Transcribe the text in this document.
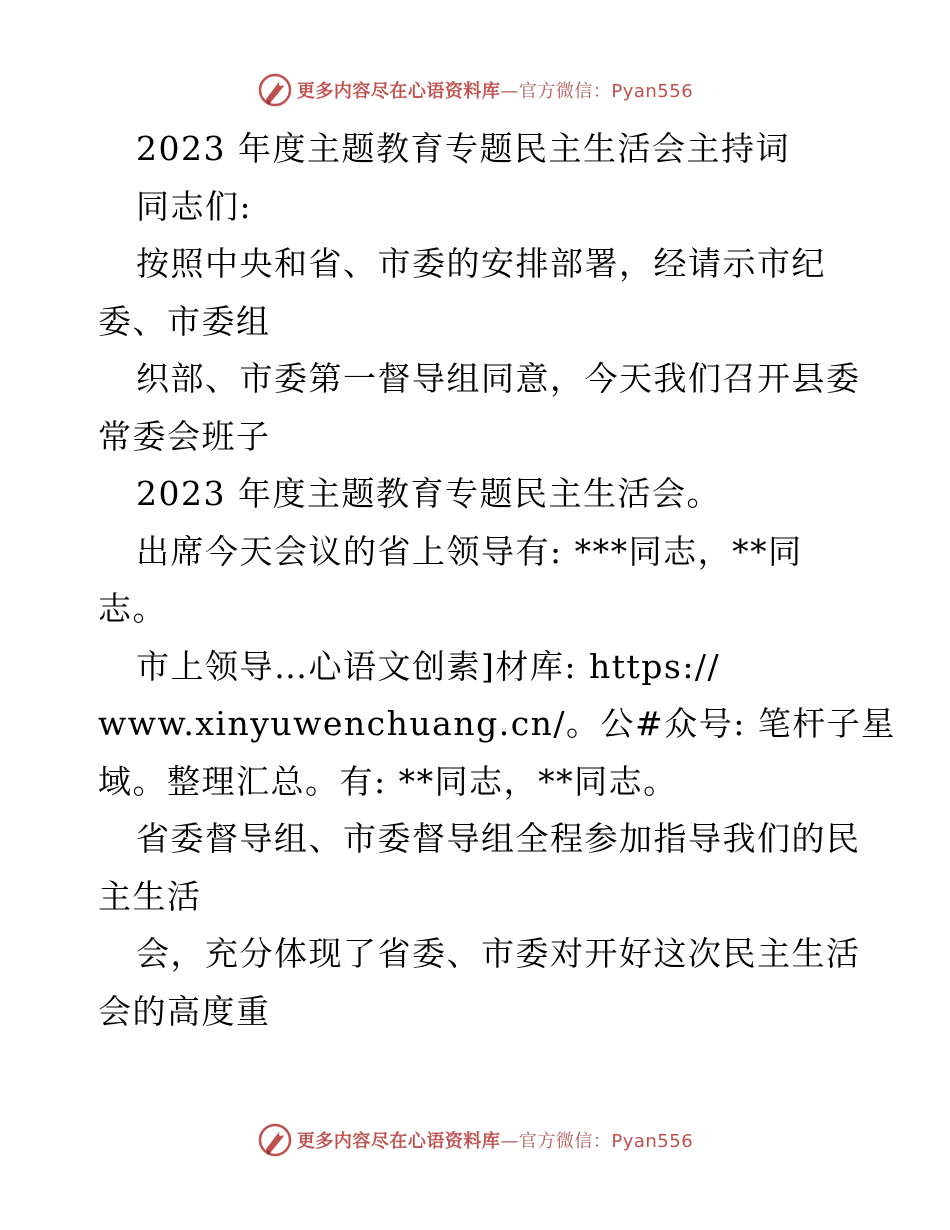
更多内容尽在心语资料库—官方微信：Pyan556
2023 年度主题教育专题民主生活会主持词
同志们:
按照中央和省、市委的安排部署，经请示市纪
委、市委组
织部、市委第一督导组同意，今天我们召开县委
常委会班子
2023 年度主题教育专题民主生活会。
出席今天会议的省上领导有: ***同志，**同
志。
市上领导…心语文创素]材库: https://
www.xinyuwenchuang.cn/。公#众号: 笔杆子星
域。整理汇总。有: **同志，**同志。
省委督导组、市委督导组全程参加指导我们的民
主生活
会，充分体现了省委、市委对开好这次民主生活
会的高度重
更多内容尽在心语资料库—官方微信：Pyan556
